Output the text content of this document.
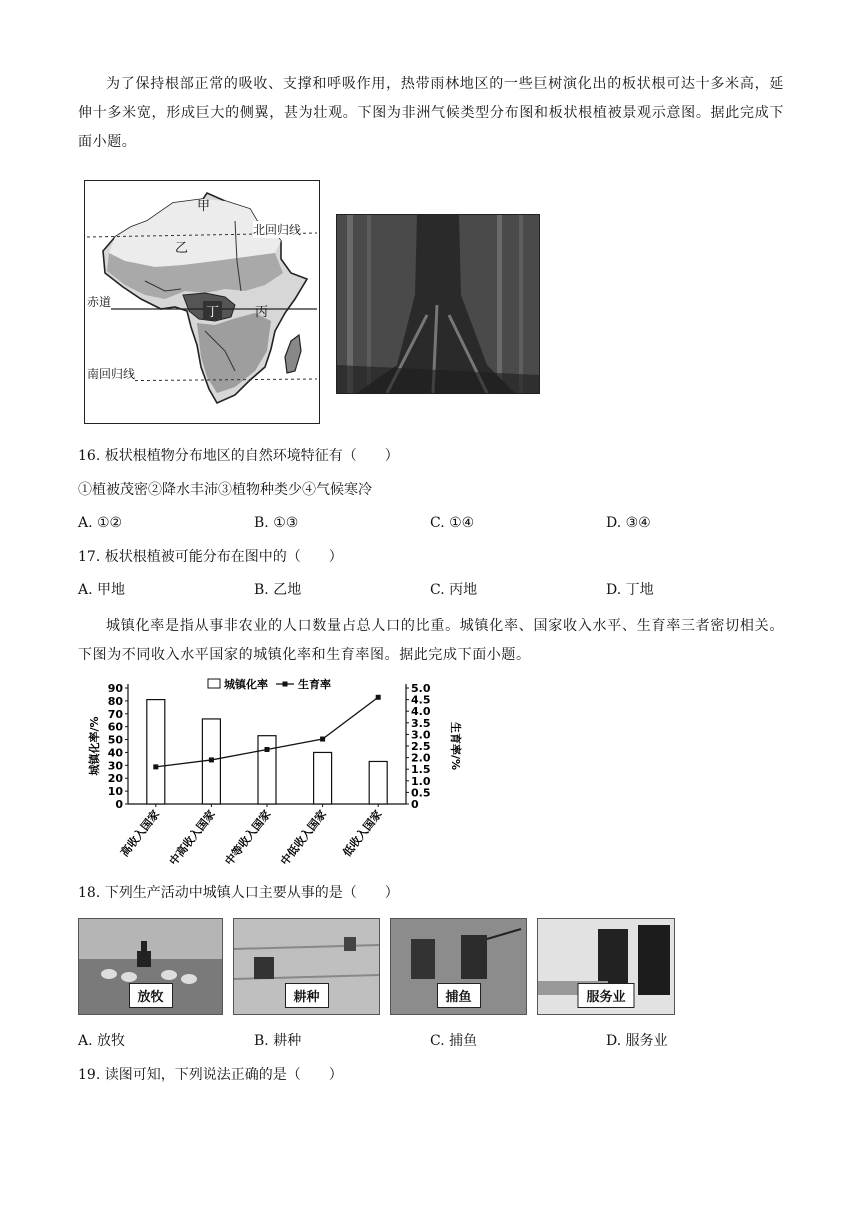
为了保持根部正常的吸收、支撑和呼吸作用，热带雨林地区的一些巨树演化出的板状根可达十多米高，延伸十多米宽，形成巨大的侧翼，甚为壮观。下图为非洲气候类型分布图和板状根植被景观示意图。据此完成下面小题。
甲
乙
丙
丁
北回归线
赤道
南回归线
16. 板状根植物分布地区的自然环境特征有（　　）
①植被茂密②降水丰沛③植物种类少④气候寒冷
A. ①②	B. ①③	C. ①④	D. ③④
17. 板状根植被可能分布在图中的（　　）
A. 甲地	B. 乙地	C. 丙地	D. 丁地
城镇化率是指从事非农业的人口数量占总人口的比重。城镇化率、国家收入水平、生育率三者密切相关。下图为不同收入水平国家的城镇化率和生育率图。据此完成下面小题。
0
10
20
30
40
50
60
70
80
90
0
0.5
1.0
1.5
2.0
2.5
3.0
3.5
4.0
4.5
5.0
城镇化率/%	生育率/%
高收入国家 中高收入国家 中等收入国家 中低收入国家 低收入国家
城镇化率	生育率
18. 下列生产活动中城镇人口主要从事的是（　　）
放牧	耕种	捕鱼	服务业
A. 放牧	B. 耕种	C. 捕鱼	D. 服务业
19. 读图可知，下列说法正确的是（　　）
